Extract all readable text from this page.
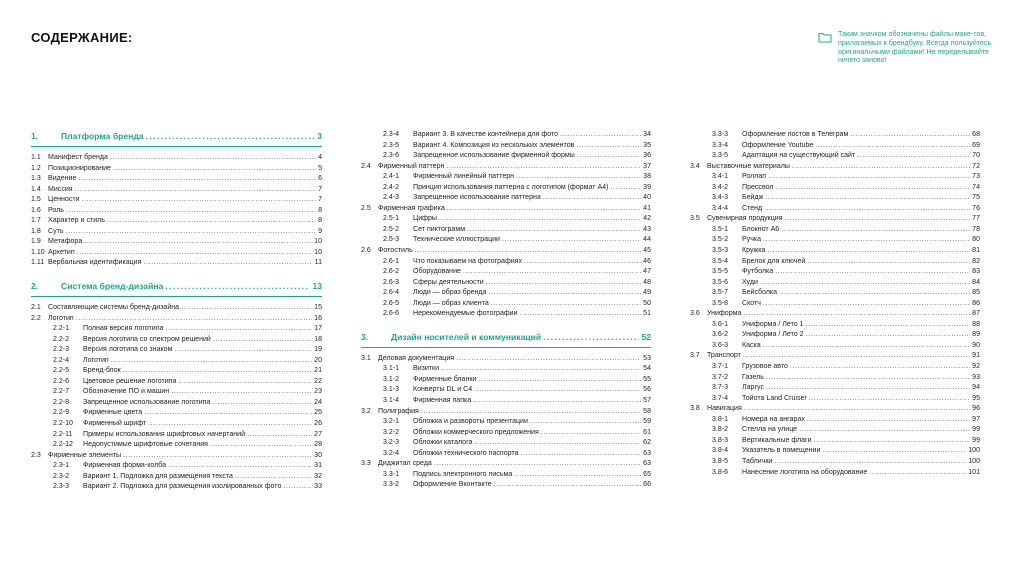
СОДЕРЖАНИЕ:	Таким значком обозначены файлы маке-тов, прилагаемых к брендбуку. Всегда пользуйтесь оригинальными файлами! Не переделывайте ничего заново!
1.	Платформа бренда .....	3
1.1	Манифест бренда .....	4
1.2	Позиционирование .....	5
1.3	Видение .....	6
1.4	Миссия .....	7
1.5	Ценности .....	7
1.6	Роль .....	8
1.7	Характер и стиль .....	8
1.8	Суть .....	9
1.9	Метафора .....	10
1.10 Архетип .....	10
1.11 Вербальная идентификация .....	11
2.	Система бренд-дизайна .....	13
2.1	Составляющие системы бренд-дизайна .....	15
2.2	Логотип .....	16
2.2-1	Полная версия логотипа .....	17
2.2-2	Версия логотипа со спектром решений .....	18
2.2-3	Версия логотипа со знаком .....	19
2.2-4	Логотип .....	20
2.2-5	Бренд-блок .....	21
2.2-6	Цветовое решение логотипа .....	22
2.2-7	Обозначение ПО и машин .....	23
2.2-8	Запрещенное использование логотипа .....	24
2.2-9	Фирменные цвета .....	25
2.2-10	Фирменный шрифт .....	26
2.2-11	Примеры использования шрифтовых начертаний .....	27
2.2-12	Недопустимые шрифтовые сочетания .....	28
2.3	Фирменные элементы .....	30
2.3-1	Фирменная форма-колба .....	31
2.3-2	Вариант 1. Подложка для размещения текста .....	32
2.3-3	Вариант 2. Подложка для размещения изолированных фото .....	33
2.3-4	Вариант 3. В качестве контейнера для фото .....	34
2.3-5	Вариант 4. Композиция из нескольких элементов .....	35
2.3-6	Запрещенное использование фирменной формы .....	36
2.4	Фирменный паттерн .....	37
2.4-1	Фирменный линейный паттерн .....	38
2.4-2	Принцип использования паттерна с логотипом (формат А4) .....	39
2.4-3	Запрещенное использование паттерна .....	40
2.5	Фирменная графика .....	41
2.5-1	Цифры .....	42
2.5-2	Сет пиктограмм .....	43
2.5-3	Технические иллюстрации .....	44
2.6	Фотостиль .....	45
2.6-1	Что показываем на фотографиях .....	46
2.6-2	Оборудование .....	47
2.6-3	Сферы деятельности .....	48
2.6-4	Люди — образ бренда .....	49
2.6-5	Люди — образ клиента .....	50
2.6-6	Нерекомендуемые фотографии .....	51
3.	Дизайн носителей и коммуникаций .....	52
3.1	Деловая документация .....	53
3.1-1	Визитки .....	54
3.1-2	Фирменные бланки .....	55
3.1-3	Конверты DL и С4 .....	56
3.1-4	Фирменная папка .....	57
3.2	Полиграфия .....	58
3.2-1	Обложка и развороты презентации .....	59
3.2-2	Обложки коммерческого предложения .....	61
3.2-3	Обложки каталога .....	62
3.2-4	Обложки технического паспорта .....	63
3.3	Диджитал среда .....	63
3.3-1	Подпись электронного письма .....	65
3.3-2	Оформление Вконтакте .....	66
3.3-3	Оформление постов в Телеграм .....	68
3.3-4	Оформление Youtube .....	69
3.3-5	Адаптация на существующий сайт .....	70
3.4	Выставочные материалы .....	72
3.4-1	Роллап .....	73
3.4-2	Прессвол .....	74
3.4-3	Бейдж .....	75
3.4-4	Стенд .....	76
3.5	Сувенирная продукция .....	77
3.5-1	Блокнот А6 .....	78
3.5-2	Ручка .....	80
3.5-3	Кружка .....	81
3.5-4	Брелок для ключей .....	82
3.5-5	Футболка .....	83
3.5-6	Худи .....	84
3.5-7	Бейсболка .....	85
3.5-8	Скотч .....	86
3.6	Униформа .....	87
3.6-1	Униформа / Лето 1 .....	88
3.6-2	Униформа / Лето 2 .....	89
3.6-3	Каска .....	90
3.7	Транспорт .....	91
3.7-1	Грузовое авто .....	92
3.7-2	Газель .....	93
3.7-3	Ларгус .....	94
3.7-4	Тойота Land Cruiser .....	95
3.8	Навигация .....	96
3.8-1	Номера на ангарах .....	97
3.8-2	Стелла на улице .....	99
3.8-3	Вертикальные флаги .....	99
3.8-4	Указатель в помещении .....	100
3.8-5	Таблички .....	100
3.8-6	Нанесение логотипа на оборудование .....	101
